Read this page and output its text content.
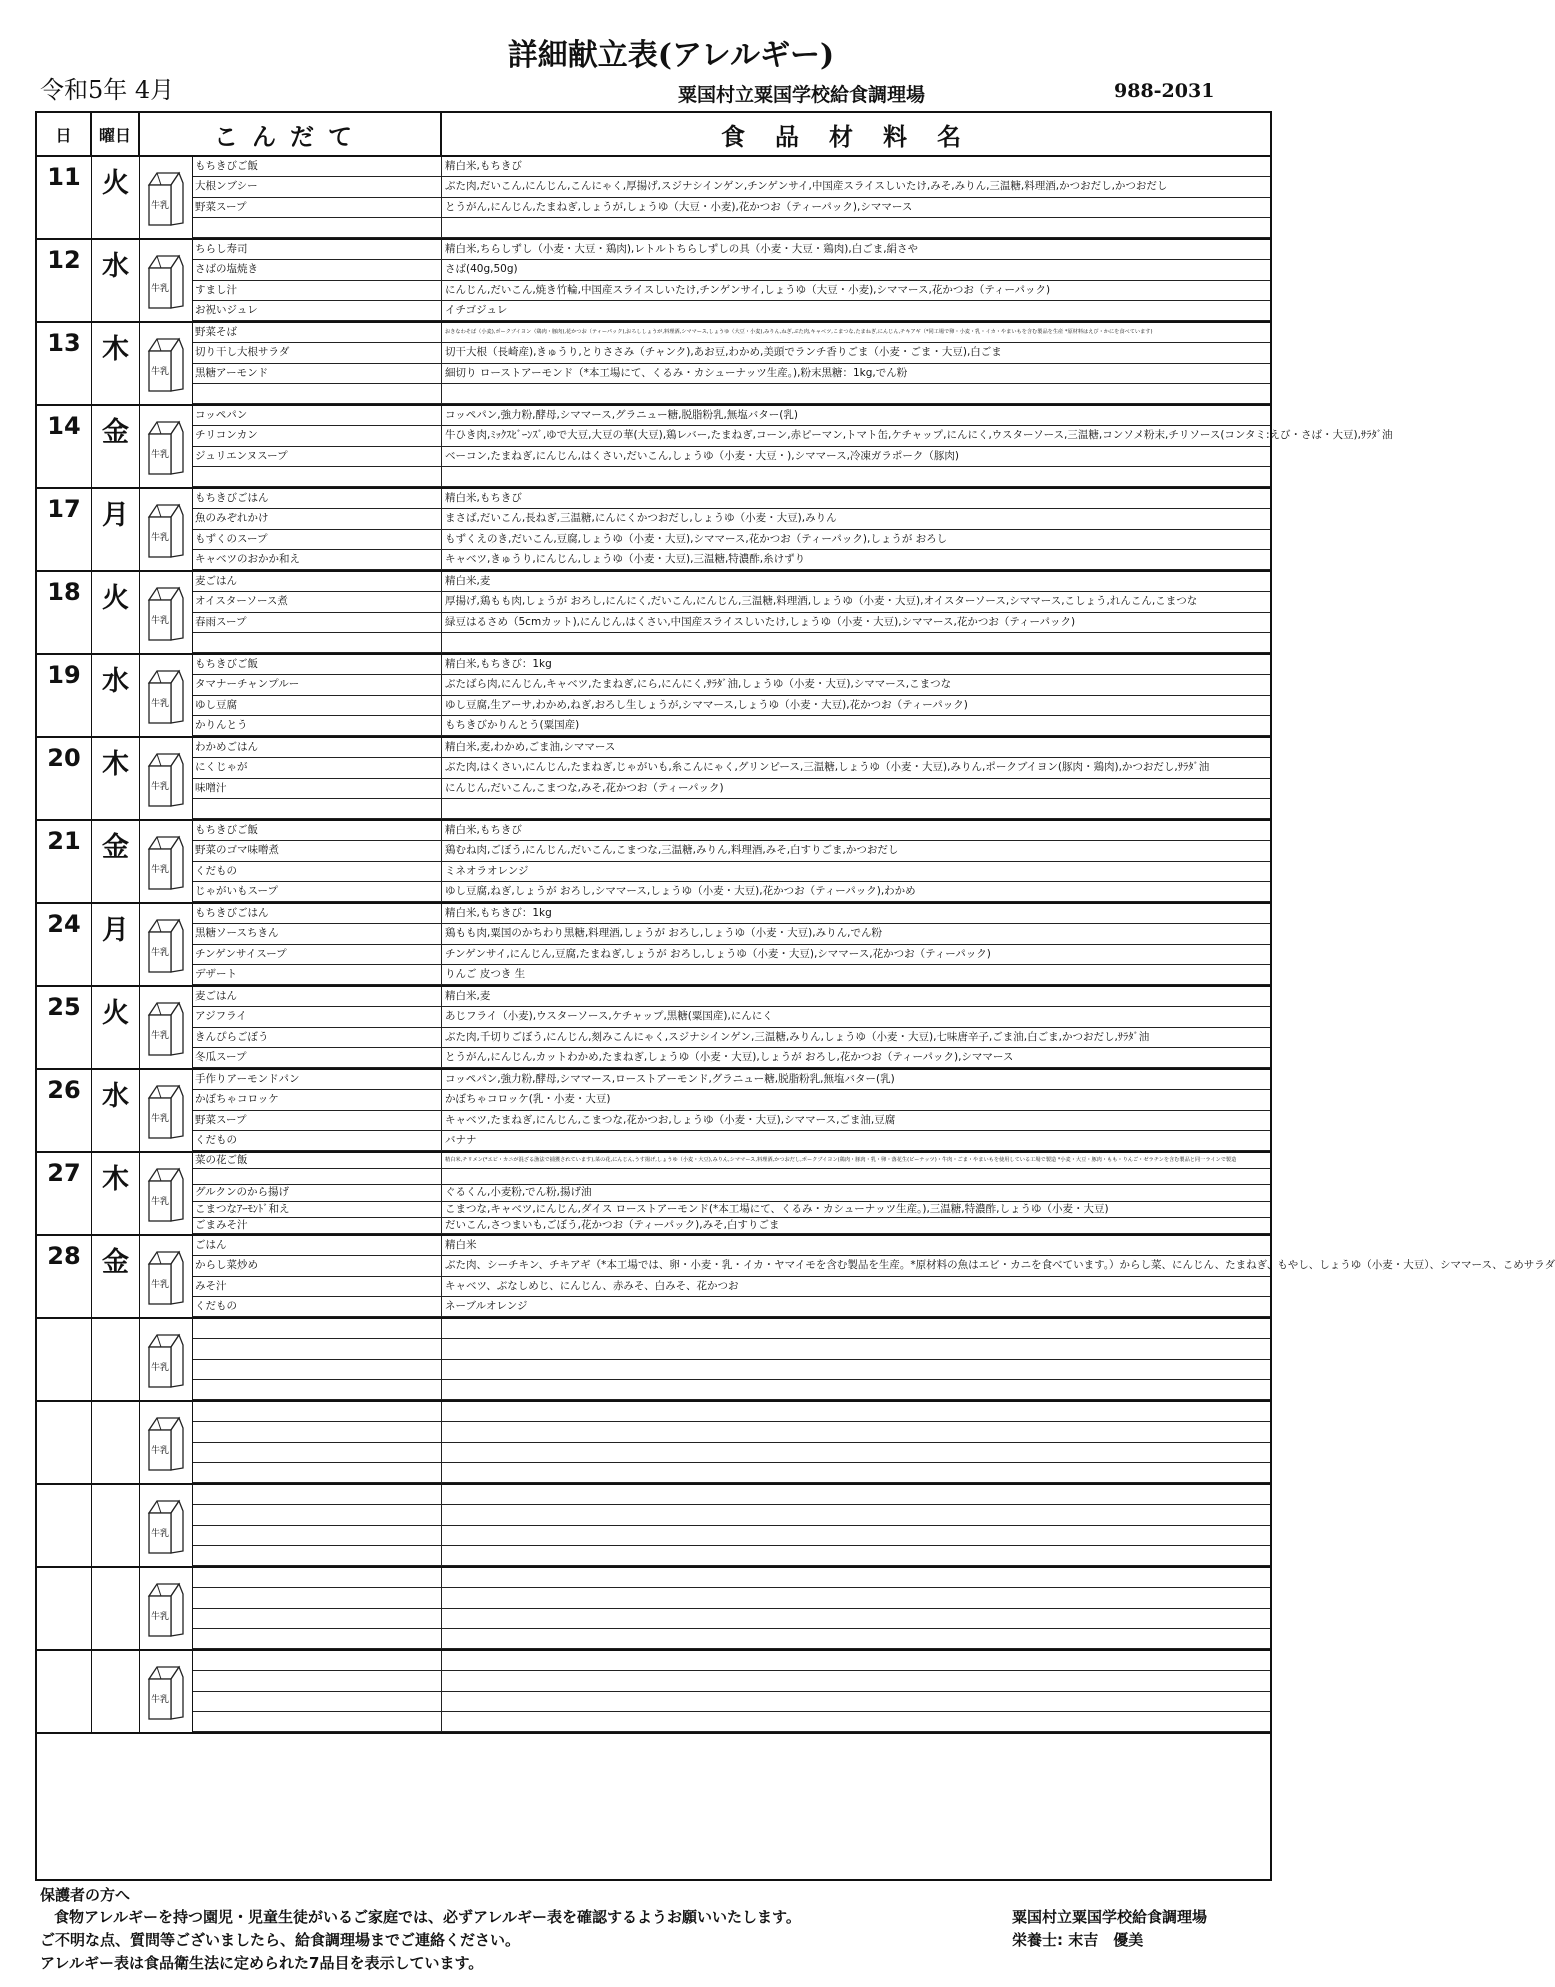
詳細献立表(アレルギー)
令和5年 4月	粟国村立粟国学校給食調理場	988-2031
日	曜日	こんだて	食品材料名
11 火
牛乳
もちきびご飯	精白米,もちきび
大根ンブシー	ぶた肉,だいこん,にんじん,こんにゃく,厚揚げ,スジナシインゲン,チンゲンサイ,中国産スライスしいたけ,みそ,みりん,三温糖,料理酒,かつおだし,かつおだし
野菜スープ	とうがん,にんじん,たまねぎ,しょうが,しょうゆ（大豆・小麦),花かつお（ティーパック),シママース
12 水
牛乳
ちらし寿司	精白米,ちらしずし（小麦・大豆・鶏肉),レトルトちらしずしの具（小麦・大豆・鶏肉),白ごま,絹さや
さばの塩焼き	さば(40g,50g)
すまし汁	にんじん,だいこん,焼き竹輪,中国産スライスしいたけ,チンゲンサイ,しょうゆ（大豆・小麦),シママース,花かつお（ティーパック)
お祝いジュレ	イチゴジュレ
13 木
牛乳
野菜そば	おきなわそば（小麦),ポークブイヨン（鶏肉・豚肉),花かつお（ティーパック),おろししょうが,料理酒,シママース,しょうゆ（大豆・小麦),みりん,ねぎ,ぶた肉,キャベツ,こまつな,たまねぎ,にんじん,チキアギ（*同工場で卵・小麦・乳・イカ・やまいもを含む製品を生産 *原材料はえび・かにを食べています)
切り干し大根サラダ	切干大根（長崎産),きゅうり,とりささみ（チャンク),あお豆,わかめ,美頭でランチ香りごま（小麦・ごま・大豆),白ごま
黒糖アーモンド	細切り ローストアーモンド（*本工場にて、くるみ・カシューナッツ生産。),粉末黒糖：1kg,でん粉
14 金
牛乳
コッペパン	コッペパン,強力粉,酵母,シママース,グラニュー糖,脱脂粉乳,無塩バター(乳)
チリコンカン	牛ひき肉,ﾐｯｸｽﾋﾞｰﾝｽﾞ,ゆで大豆,大豆の華(大豆),鶏レバー,たまねぎ,コーン,赤ピーマン,トマト缶,ケチャップ,にんにく,ウスターソース,三温糖,コンソメ粉末,チリソース(コンタミ:えび・さば・大豆),ｻﾗﾀﾞ油
ジュリエンヌスープ	ベーコン,たまねぎ,にんじん,はくさい,だいこん,しょうゆ（小麦・大豆・),シママース,冷凍ガラポーク（豚肉)
17 月
牛乳
もちきびごはん	精白米,もちきび
魚のみぞれかけ	まさば,だいこん,長ねぎ,三温糖,にんにくかつおだし,しょうゆ（小麦・大豆),みりん
もずくのスープ	もずくえのき,だいこん,豆腐,しょうゆ（小麦・大豆),シママース,花かつお（ティーパック),しょうが おろし
キャベツのおかか和え	キャベツ,きゅうり,にんじん,しょうゆ（小麦・大豆),三温糖,特濃酢,糸けずり
18 火
牛乳
麦ごはん	精白米,麦
オイスターソース煮	厚揚げ,鶏もも肉,しょうが おろし,にんにく,だいこん,にんじん,三温糖,料理酒,しょうゆ（小麦・大豆),オイスターソース,シママース,こしょう,れんこん,こまつな
春雨スープ	緑豆はるさめ（5cmカット),にんじん,はくさい,中国産スライスしいたけ,しょうゆ（小麦・大豆),シママース,花かつお（ティーパック)
19 水
牛乳
もちきびご飯	精白米,もちきび：1kg
タマナーチャンプルー	ぶたばら肉,にんじん,キャベツ,たまねぎ,にら,にんにく,ｻﾗﾀﾞ油,しょうゆ（小麦・大豆),シママース,こまつな
ゆし豆腐	ゆし豆腐,生アーサ,わかめ,ねぎ,おろし生しょうが,シママース,しょうゆ（小麦・大豆),花かつお（ティーパック)
かりんとう	もちきびかりんとう(粟国産)
20 木
牛乳
わかめごはん	精白米,麦,わかめ,ごま油,シママース
にくじゃが	ぶた肉,はくさい,にんじん,たまねぎ,じゃがいも,糸こんにゃく,グリンピース,三温糖,しょうゆ（小麦・大豆),みりん,ポークブイヨン(豚肉・鶏肉),かつおだし,ｻﾗﾀﾞ油
味噌汁	にんじん,だいこん,こまつな,みそ,花かつお（ティーパック)
21 金
牛乳
もちきびご飯	精白米,もちきび
野菜のゴマ味噌煮	鶏むね肉,ごぼう,にんじん,だいこん,こまつな,三温糖,みりん,料理酒,みそ,白すりごま,かつおだし
くだもの	ミネオラオレンジ
じゃがいもスープ	ゆし豆腐,ねぎ,しょうが おろし,シママース,しょうゆ（小麦・大豆),花かつお（ティーパック),わかめ
24 月
牛乳
もちきびごはん	精白米,もちきび：1kg
黒糖ソースちきん	鶏もも肉,粟国のかちわり黒糖,料理酒,しょうが おろし,しょうゆ（小麦・大豆),みりん,でん粉
チンゲンサイスープ	チンゲンサイ,にんじん,豆腐,たまねぎ,しょうが おろし,しょうゆ（小麦・大豆),シママース,花かつお（ティーパック)
デザート	りんご 皮つき 生
25 火
牛乳
麦ごはん	精白米,麦
アジフライ	あじフライ（小麦),ウスターソース,ケチャップ,黒糖(粟国産),にんにく
きんぴらごぼう	ぶた肉,千切りごぼう,にんじん,刻みこんにゃく,スジナシインゲン,三温糖,みりん,しょうゆ（小麦・大豆),七味唐辛子,ごま油,白ごま,かつおだし,ｻﾗﾀﾞ油
冬瓜スープ	とうがん,にんじん,カットわかめ,たまねぎ,しょうゆ（小麦・大豆),しょうが おろし,花かつお（ティーパック),シママース
26 水
牛乳
手作りアーモンドパン	コッペパン,強力粉,酵母,シママース,ローストアーモンド,グラニュー糖,脱脂粉乳,無塩バター(乳)
かぼちゃコロッケ	かぼちゃコロッケ(乳・小麦・大豆)
野菜スープ	キャベツ,たまねぎ,にんじん,こまつな,花かつお,しょうゆ（小麦・大豆),シママース,ごま油,豆腐
くだもの	バナナ
27 木
牛乳
菜の花ご飯	精白米,チリメン(*エビ・カニが混ざる漁法で捕獲されています),菜の花,にんじん,うす揚げ,しょうゆ（小麦・大豆),みりん,シママース,料理酒,かつおだし,ポークブイヨン(鶏肉・豚肉・乳・卵・落花生(ピーナッツ)・牛肉・ごま・やまいもを使用している工場で製造 *小麦・大豆・豚肉・もも・りんご・ゼラチンを含む製品と同一ラインで製造
グルクンのから揚げ	ぐるくん,小麦粉,でん粉,揚げ油
こまつなｱｰﾓﾝﾄﾞ和え	こまつな,キャベツ,にんじん,ダイス ローストアーモンド(*本工場にて、くるみ・カシューナッツ生産。),三温糖,特濃酢,しょうゆ（小麦・大豆)
ごまみそ汁	だいこん,さつまいも,ごぼう,花かつお（ティーパック),みそ,白すりごま
28 金
牛乳
ごはん	精白米
からし菜炒め	ぶた肉、シーチキン、チキアギ（*本工場では、卵・小麦・乳・イカ・ヤマイモを含む製品を生産。*原材料の魚はエビ・カニを食べています。）からし菜、にんじん、たまねぎ、もやし、しょうゆ（小麦・大豆）、シママース、こめサラダ
みそ汁	キャベツ、ぶなしめじ、にんじん、赤みそ、白みそ、花かつお
くだもの	ネーブルオレンジ
牛乳
牛乳
牛乳
牛乳
牛乳
保護者の方へ
食物アレルギーを持つ園児・児童生徒がいるご家庭では、必ずアレルギー表を確認するようお願いいたします。
ご不明な点、質問等ございましたら、給食調理場までご連絡ください。
アレルギー表は食品衛生法に定められた7品目を表示しています。
粟国村立粟国学校給食調理場
栄養士: 末吉　優美
